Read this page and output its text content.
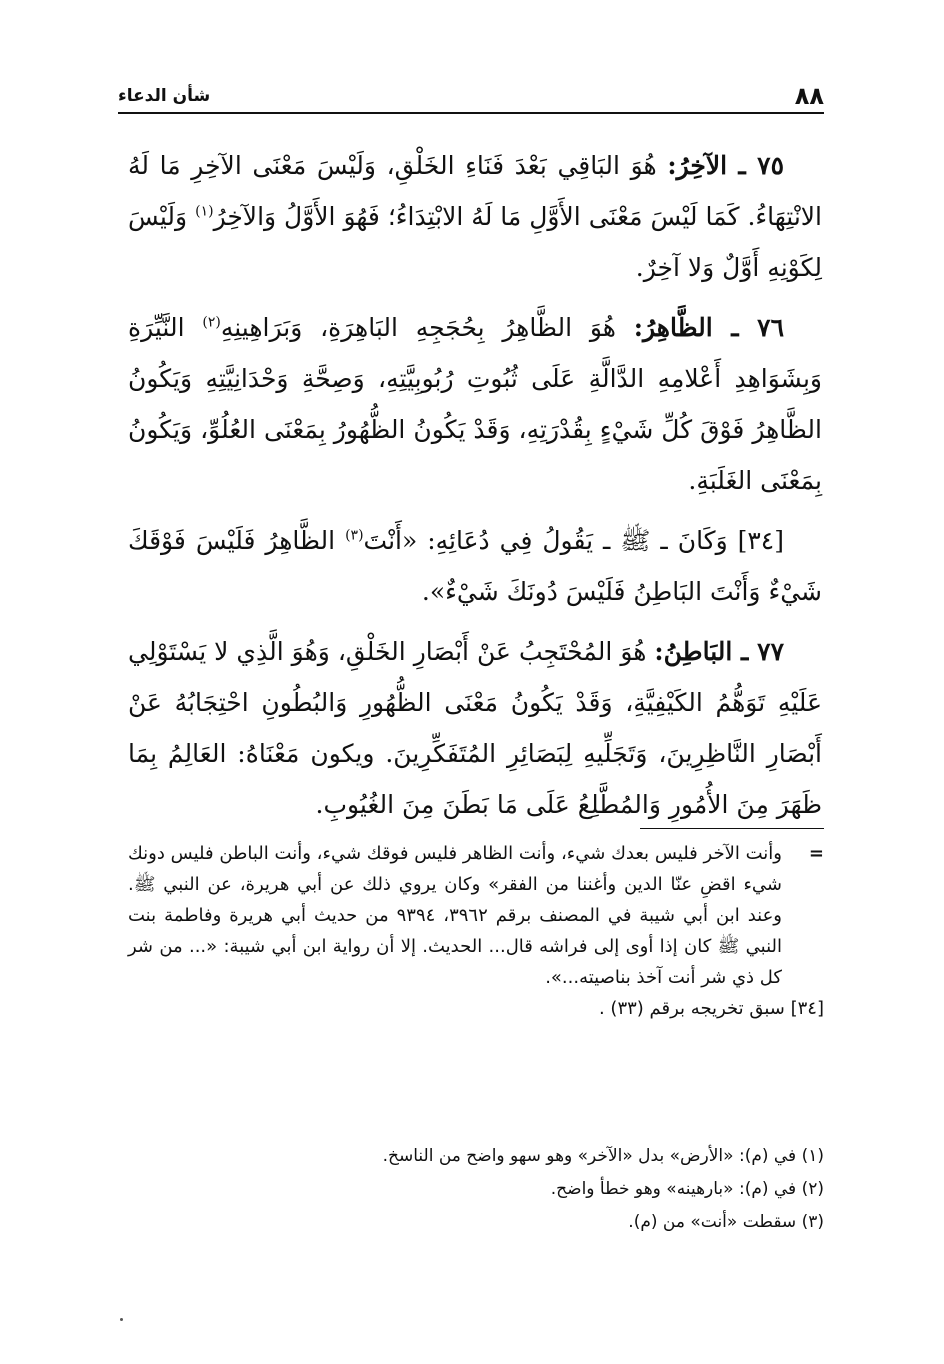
٨٨
شأن الدعاء

٧٥ ـ الآخِرُ: هُوَ البَاقِي بَعْدَ فَنَاءِ الخَلْقِ، وَلَيْسَ مَعْنَى الآخِرِ مَا لَهُ الانْتِهَاءُ. كَمَا لَيْسَ مَعْنَى الأَوَّلِ مَا لَهُ الابْتِدَاءُ؛ فَهُوَ الأَوَّلُ وَالآخِرُ$^{(١)}$ وَلَيْسَ لِكَوْنِهِ أَوَّلٌ وَلا آخِرٌ.

٧٦ ـ الظَّاهِرُ: هُوَ الظَّاهِرُ بِحُجَجِهِ البَاهِرَةِ، وَبَرَاهِينِهِ$^{(٢)}$ النَّيِّرَةِ وَبِشَوَاهِدِ أَعْلامِهِ الدَّالَّةِ عَلَى ثُبُوتِ رُبُوبِيَّتِهِ، وَصِحَّةِ وَحْدَانِيَّتِهِ وَيَكُونُ الظَّاهِرُ فَوْقَ كُلِّ شَيْءٍ بِقُدْرَتِهِ، وَقَدْ يَكُونُ الظُّهُورُ بِمَعْنَى العُلُوِّ، وَيَكُونُ بِمَعْنَى الغَلَبَةِ.

[٣٤] وَكَانَ ـ ﷺ ـ يَقُولُ فِي دُعَائِهِ: «أَنْتَ$^{(٣)}$ الظَّاهِرُ فَلَيْسَ فَوْقَكَ شَيْءٌ وَأَنْتَ البَاطِنُ فَلَيْسَ دُونَكَ شَيْءٌ».

٧٧ ـ البَاطِنُ: هُوَ المُحْتَجِبُ عَنْ أَبْصَارِ الخَلْقِ، وَهُوَ الَّذِي لا يَسْتَوْلِي عَلَيْهِ تَوَهُّمُ الكَيْفِيَّةِ، وَقَدْ يَكُونُ مَعْنَى الظُّهُورِ وَالبُطُونِ احْتِجَابُهُ عَنْ أَبْصَارِ النَّاظِرِينَ، وَتَجَلِّيهِ لِبَصَائِرِ المُتَفَكِّرِينَ. ويكون مَعْنَاهُ: العَالِمُ بِمَا ظَهَرَ مِنَ الأُمُورِ وَالمُطَّلِعُ عَلَى مَا بَطَنَ مِنَ الغُيُوبِ.

=
وأنت الآخر فليس بعدك شيء، وأنت الظاهر فليس فوقك شيء، وأنت الباطن فليس دونك شيء اقضِ عنّا الدين وأغننا من الفقر» وكان يروي ذلك عن أبي هريرة، عن النبي ﷺ. وعند ابن أبي شيبة في المصنف برقم ٣٩٦٢، ٩٣٩٤ من حديث أبي هريرة وفاطمة بنت النبي ﷺ كان إذا أوى إلى فراشه قال... الحديث. إلا أن رواية ابن أبي شيبة: «... من شر كل ذي شر أنت آخذ بناصيته...».
[٣٤] سبق تخريجه برقم (٣٣) .
(١) في (م): «الأرض» بدل «الآخر» وهو سهو واضح من الناسخ.
(٢) في (م): «بارهينه» وهو خطأ واضح.
(٣) سقطت «أنت» من (م).
